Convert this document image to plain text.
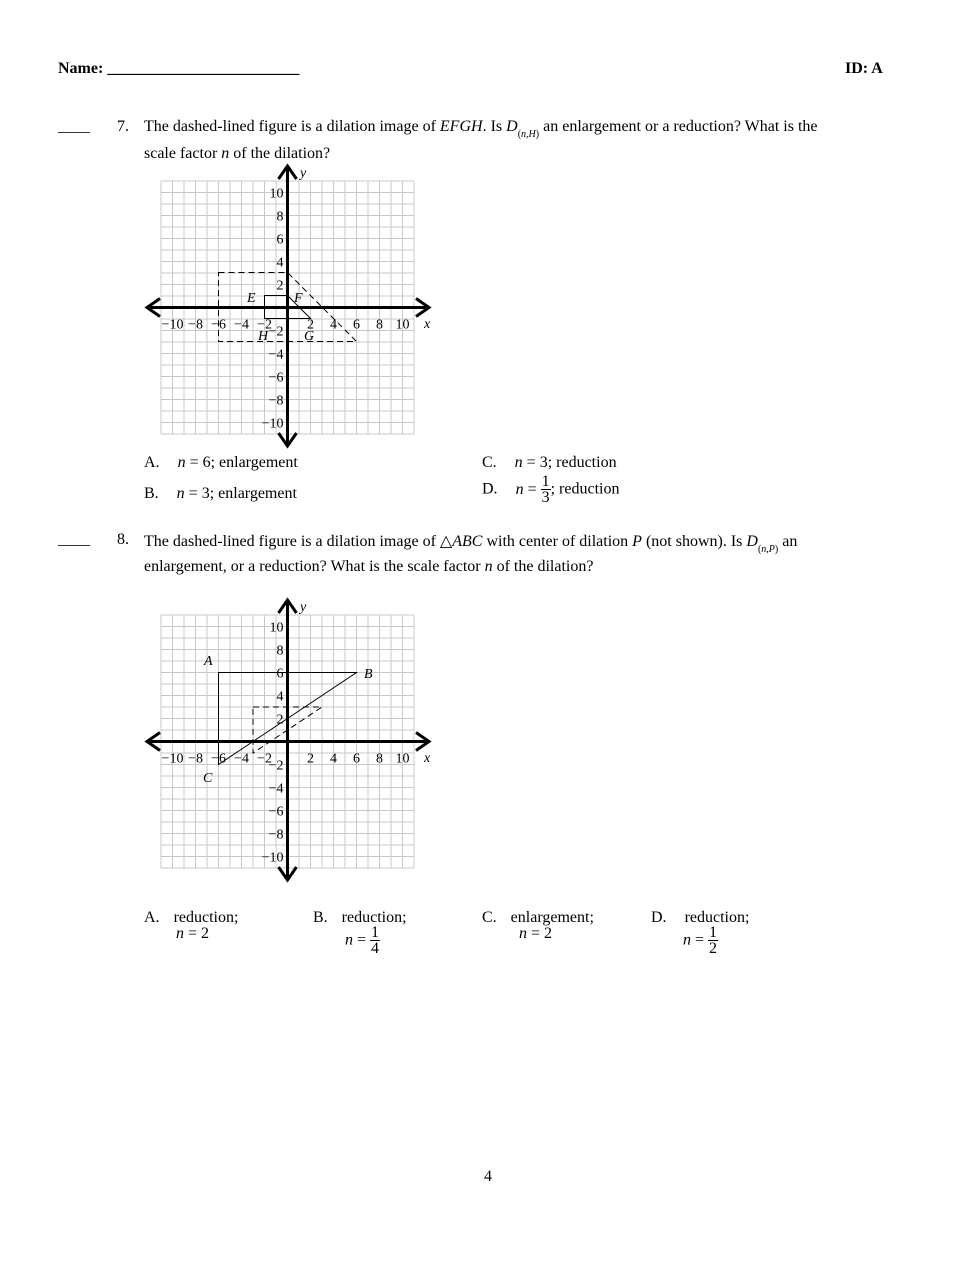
Name: ________________________	ID: A
____ 7. The dashed-lined figure is a dilation image of EFGH. Is $D_{(n,H)}$ an enlargement or a reduction? What is the
scale factor n of the dilation?
−10 −8 −6 −4 −2	2 4 6 8 10
10
8
6
4
2
−2
−4
−6
−8
−10
E	F
G
H
x
y
A. n = 6; enlargement
B. n = 3; enlargement
C. n = 3; reduction
D. $n = \frac{1}{3}$ ; reduction
____ 8. The dashed-lined figure is a dilation image of △ABC with center of dilation P (not shown). Is $D_{(n,P)}$ an
enlargement, or a reduction? What is the scale factor n of the dilation?
−10 −8 −6 −4 −2	2 4 6 8 10
10
8
6
4
2
−2
−4
−6
−8
−10
A
B
C
x
y
A. reduction;
n = 2
B. reduction;
$n = \frac{1}{4}$
C. enlargement;
n = 2
D. reduction;
$n = \frac{1}{2}$
4
